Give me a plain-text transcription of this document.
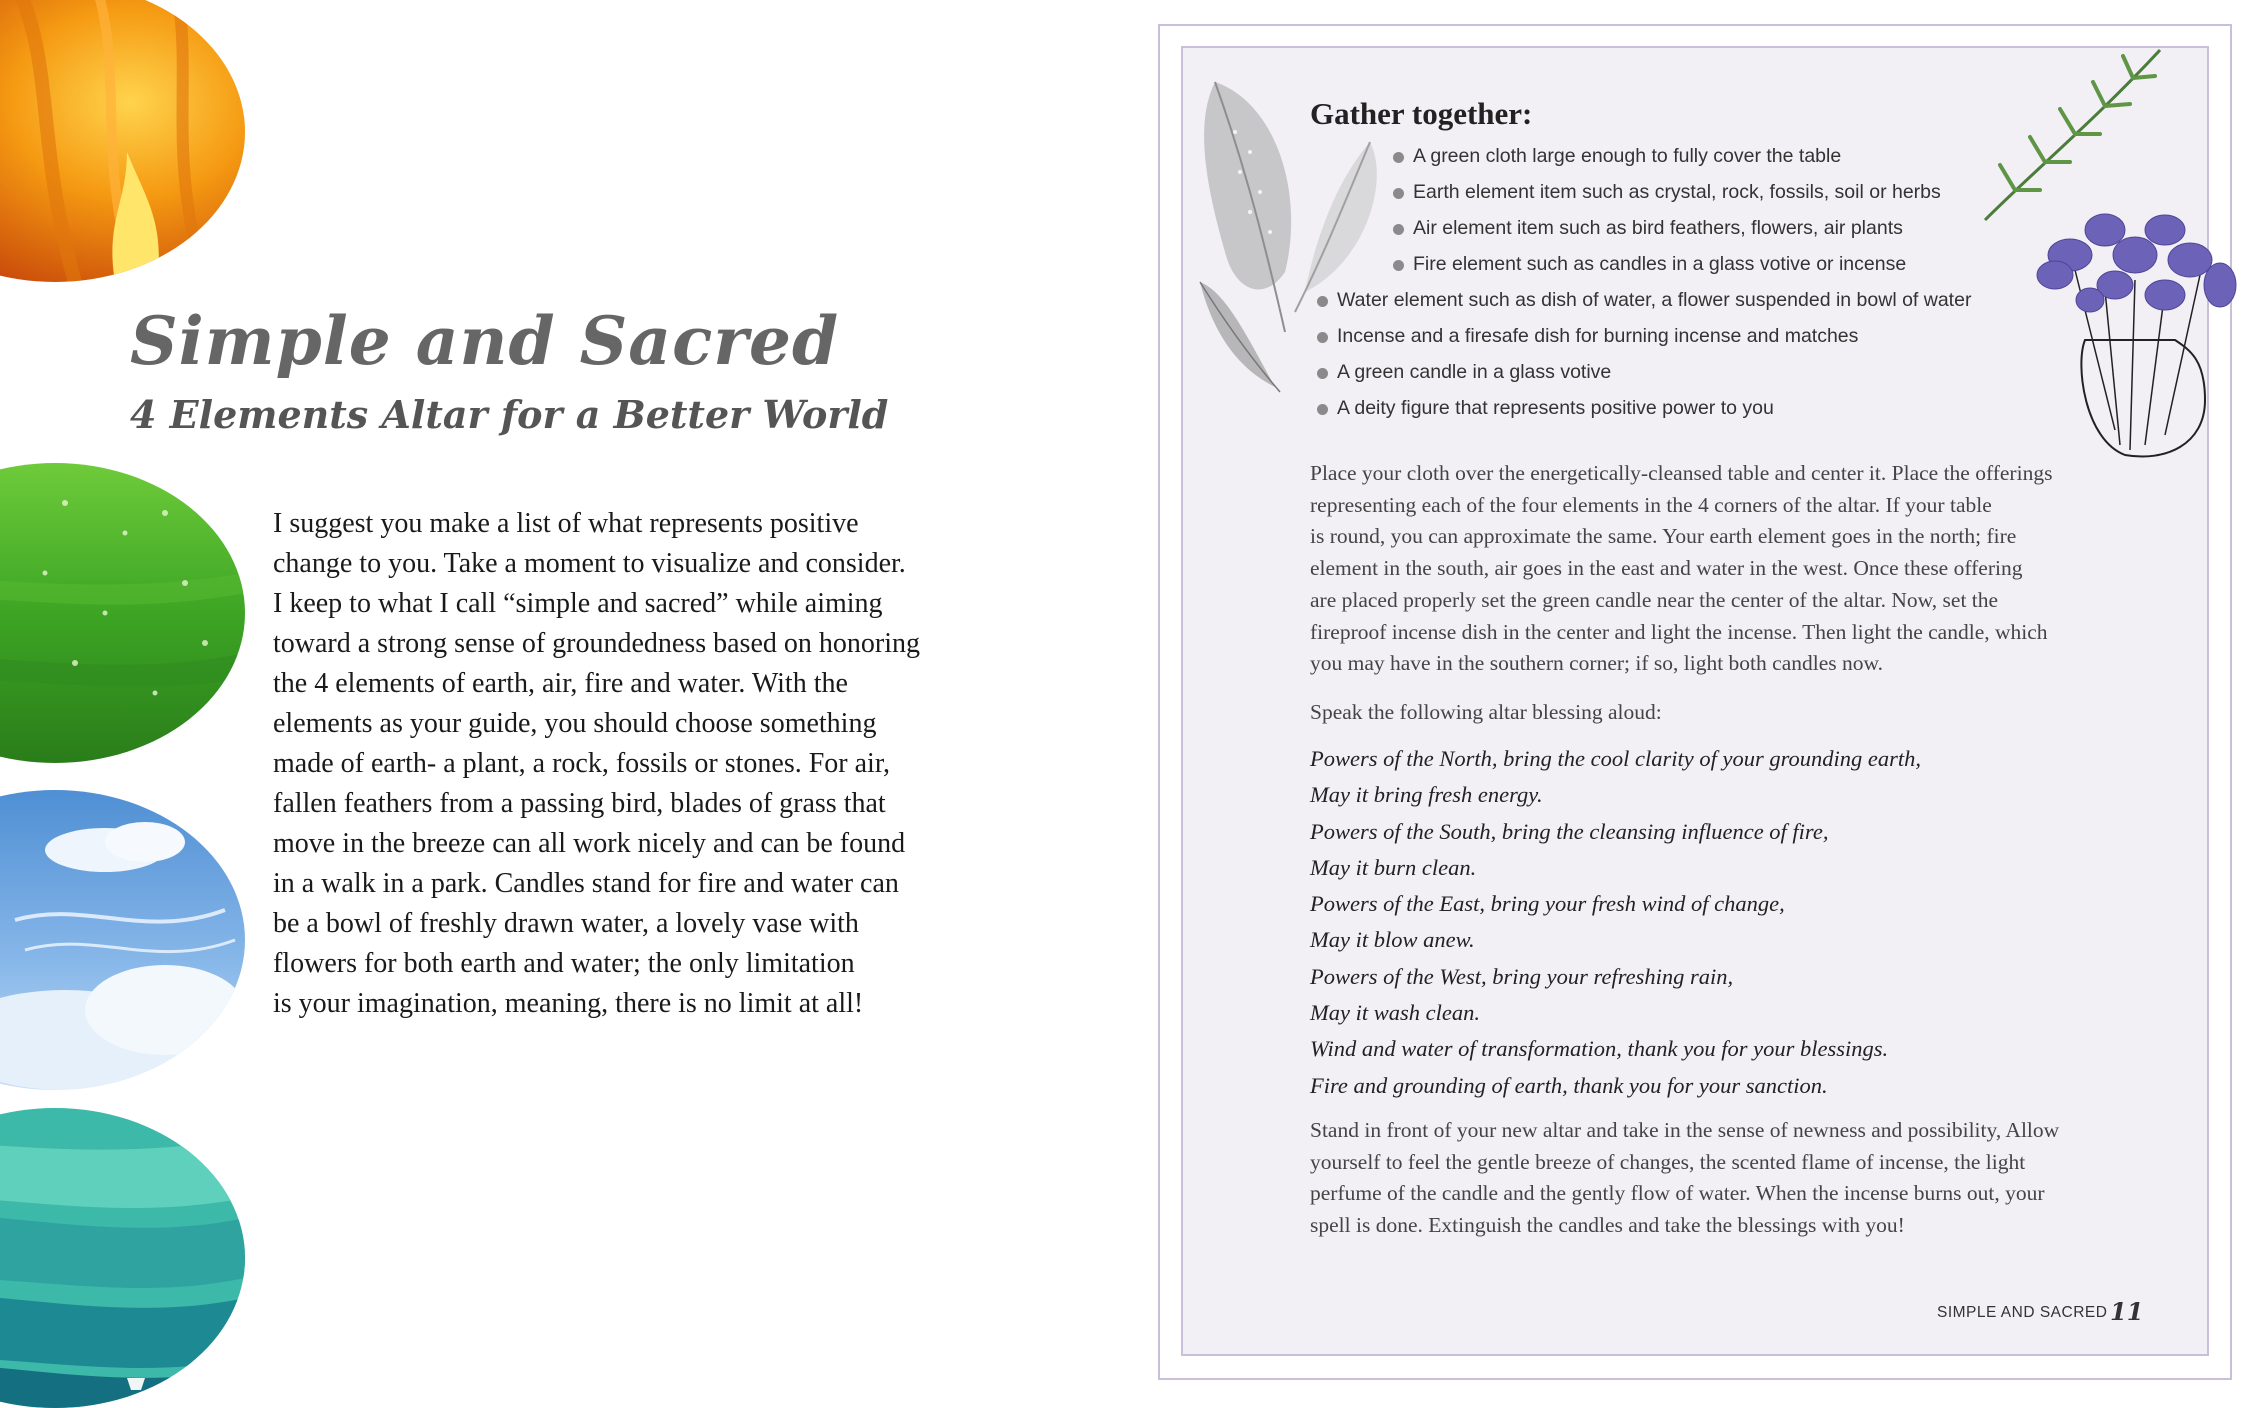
Simple and Sacred
4 Elements Altar for a Better World
I suggest you make a list of what represents positive
change to you. Take a moment to visualize and consider.
I keep to what I call “simple and sacred” while aiming
toward a strong sense of groundedness based on honoring
the 4 elements of earth, air, fire and water. With the
elements as your guide, you should choose something
made of earth- a plant, a rock, fossils or stones. For air,
fallen feathers from a passing bird, blades of grass that
move in the breeze can all work nicely and can be found
in a walk in a park. Candles stand for fire and water can
be a bowl of freshly drawn water, a lovely vase with
flowers for both earth and water; the only limitation
is your imagination, meaning, there is no limit at all!
Gather together:
A green cloth large enough to fully cover the table
Earth element item such as crystal, rock, fossils, soil or herbs
Air element item such as bird feathers, flowers, air plants
Fire element such as candles in a glass votive or incense
Water element such as dish of water, a flower suspended in bowl of water
Incense and a firesafe dish for burning incense and matches
A green candle in a glass votive
A deity figure that represents positive power to you
Place your cloth over the energetically-cleansed table and center it. Place the offerings
representing each of the four elements in the 4 corners of the altar. If your table
is round, you can approximate the same. Your earth element goes in the north; fire
element in the south, air goes in the east and water in the west. Once these offering
are placed properly set the green candle near the center of the altar. Now, set the
fireproof incense dish in the center and light the incense. Then light the candle, which
you may have in the southern corner; if so, light both candles now.

Speak the following altar blessing aloud:

Powers of the North, bring the cool clarity of your grounding earth,
May it bring fresh energy.
Powers of the South, bring the cleansing influence of fire,
May it burn clean.
Powers of the East, bring your fresh wind of change,
May it blow anew.
Powers of the West, bring your refreshing rain,
May it wash clean.
Wind and water of transformation, thank you for your blessings.
Fire and grounding of earth, thank you for your sanction.
Stand in front of your new altar and take in the sense of newness and possibility, Allow
yourself to feel the gentle breeze of changes, the scented flame of incense, the light
perfume of the candle and the gently flow of water. When the incense burns out, your
spell is done. Extinguish the candles and take the blessings with you!
SIMPLE AND SACRED 11
